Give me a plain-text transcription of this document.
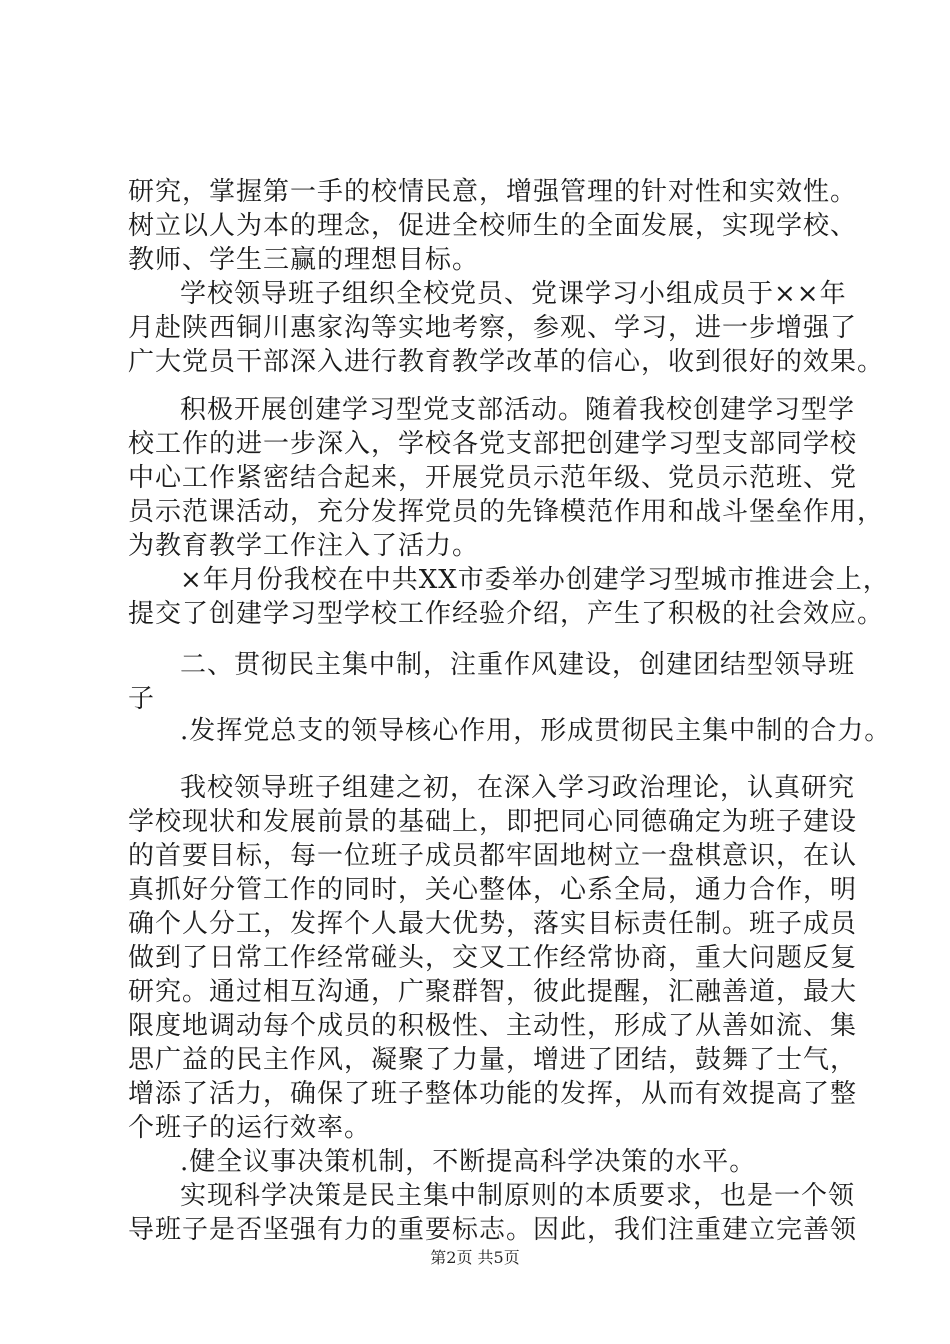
研究，掌握第一手的校情民意，增强管理的针对性和实效性。
树立以人为本的理念，促进全校师生的全面发展，实现学校、
教师、学生三赢的理想目标。
学校领导班子组织全校党员、党课学习小组成员于××年
月赴陕西铜川惠家沟等实地考察，参观、学习，进一步增强了
广大党员干部深入进行教育教学改革的信心，收到很好的效果。
积极开展创建学习型党支部活动。随着我校创建学习型学
校工作的进一步深入，学校各党支部把创建学习型支部同学校
中心工作紧密结合起来，开展党员示范年级、党员示范班、党
员示范课活动，充分发挥党员的先锋模范作用和战斗堡垒作用，
为教育教学工作注入了活力。
×年月份我校在中共XX市委举办创建学习型城市推进会上，
提交了创建学习型学校工作经验介绍，产生了积极的社会效应。
二、贯彻民主集中制，注重作风建设，创建团结型领导班
子
.发挥党总支的领导核心作用，形成贯彻民主集中制的合力。
我校领导班子组建之初，在深入学习政治理论，认真研究
学校现状和发展前景的基础上，即把同心同德确定为班子建设
的首要目标，每一位班子成员都牢固地树立一盘棋意识，在认
真抓好分管工作的同时，关心整体，心系全局，通力合作，明
确个人分工，发挥个人最大优势，落实目标责任制。班子成员
做到了日常工作经常碰头，交叉工作经常协商，重大问题反复
研究。通过相互沟通，广聚群智，彼此提醒，汇融善道，最大
限度地调动每个成员的积极性、主动性，形成了从善如流、集
思广益的民主作风，凝聚了力量，增进了团结，鼓舞了士气，
增添了活力，确保了班子整体功能的发挥，从而有效提高了整
个班子的运行效率。
.健全议事决策机制，不断提高科学决策的水平。
实现科学决策是民主集中制原则的本质要求，也是一个领
导班子是否坚强有力的重要标志。因此，我们注重建立完善领
第2页 共5页
